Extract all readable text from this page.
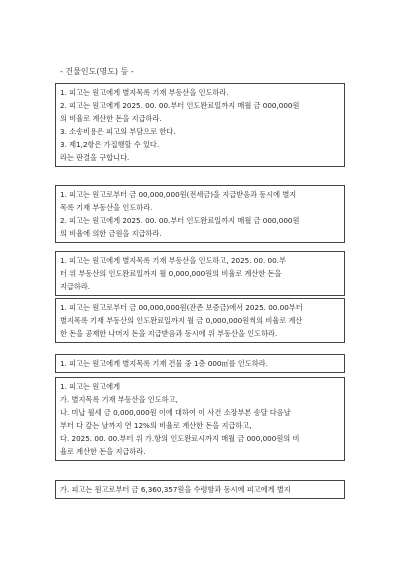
- 건물인도(명도) 등 -

1. 피고는 원고에게 별지목록 기재 부동산을 인도하라.

2. 피고는 원고에게 2025. 00. 00.부터 인도완료일까지 매월 금 000,000원

의 비율로 계산한 돈을 지급하라.

3. 소송비용은 피고의 부담으로 한다.

3. 제1,2항은 가집행할 수 있다.

라는 판결을 구합니다.

1. 피고는 원고로부터 금 00,000,000원(전세금)을 지급받음과 동시에 별지

목록 기재 부동산을 인도하라.

2. 피고는 원고에게 2025. 00. 00.부터 인도완료일까지 매월 금 000,000원

의 비율에 의한 금원을 지급하라.

1. 피고는 원고에게 별지목록 기재 부동산을 인도하고, 2025. 00. 00.부

터 위 부동산의 인도완료일까지 월 0,000,000원의 비율로 계산한 돈을

지급하라.

1. 피고는 원고로부터 금 00,000,000원(잔존 보증금)에서 2025. 00.00부터

별지목록 기재 부동산의 인도완료일까지 월 금 0,000,000원씩의 비율로 계산

한 돈을 공제한 나머지 돈을 지급받음과 동시에 위 부동산을 인도하라.

1. 피고는 원고에게 별지목록 기재 건물 중 1층 000㎡를 인도하라.

1. 피고는 원고에게

가. 별지목록 기재 부동산을 인도하고,

나. 미납 월세 금 0,000,000원 이에 대하여 이 사건 소장부본 송달 다음날

부터 다 갚는 날까지 연 12%의 비율로 계산한 돈을 지급하고,

다. 2025. 00. 00.부터 위 가.항의 인도완료시까지 매월 금 000,000원의 비

율로 계산한 돈을 지급하라.

가. 피고는 원고로부터 금 6,360,357원을 수령함과 동시에 피고에게 별지
